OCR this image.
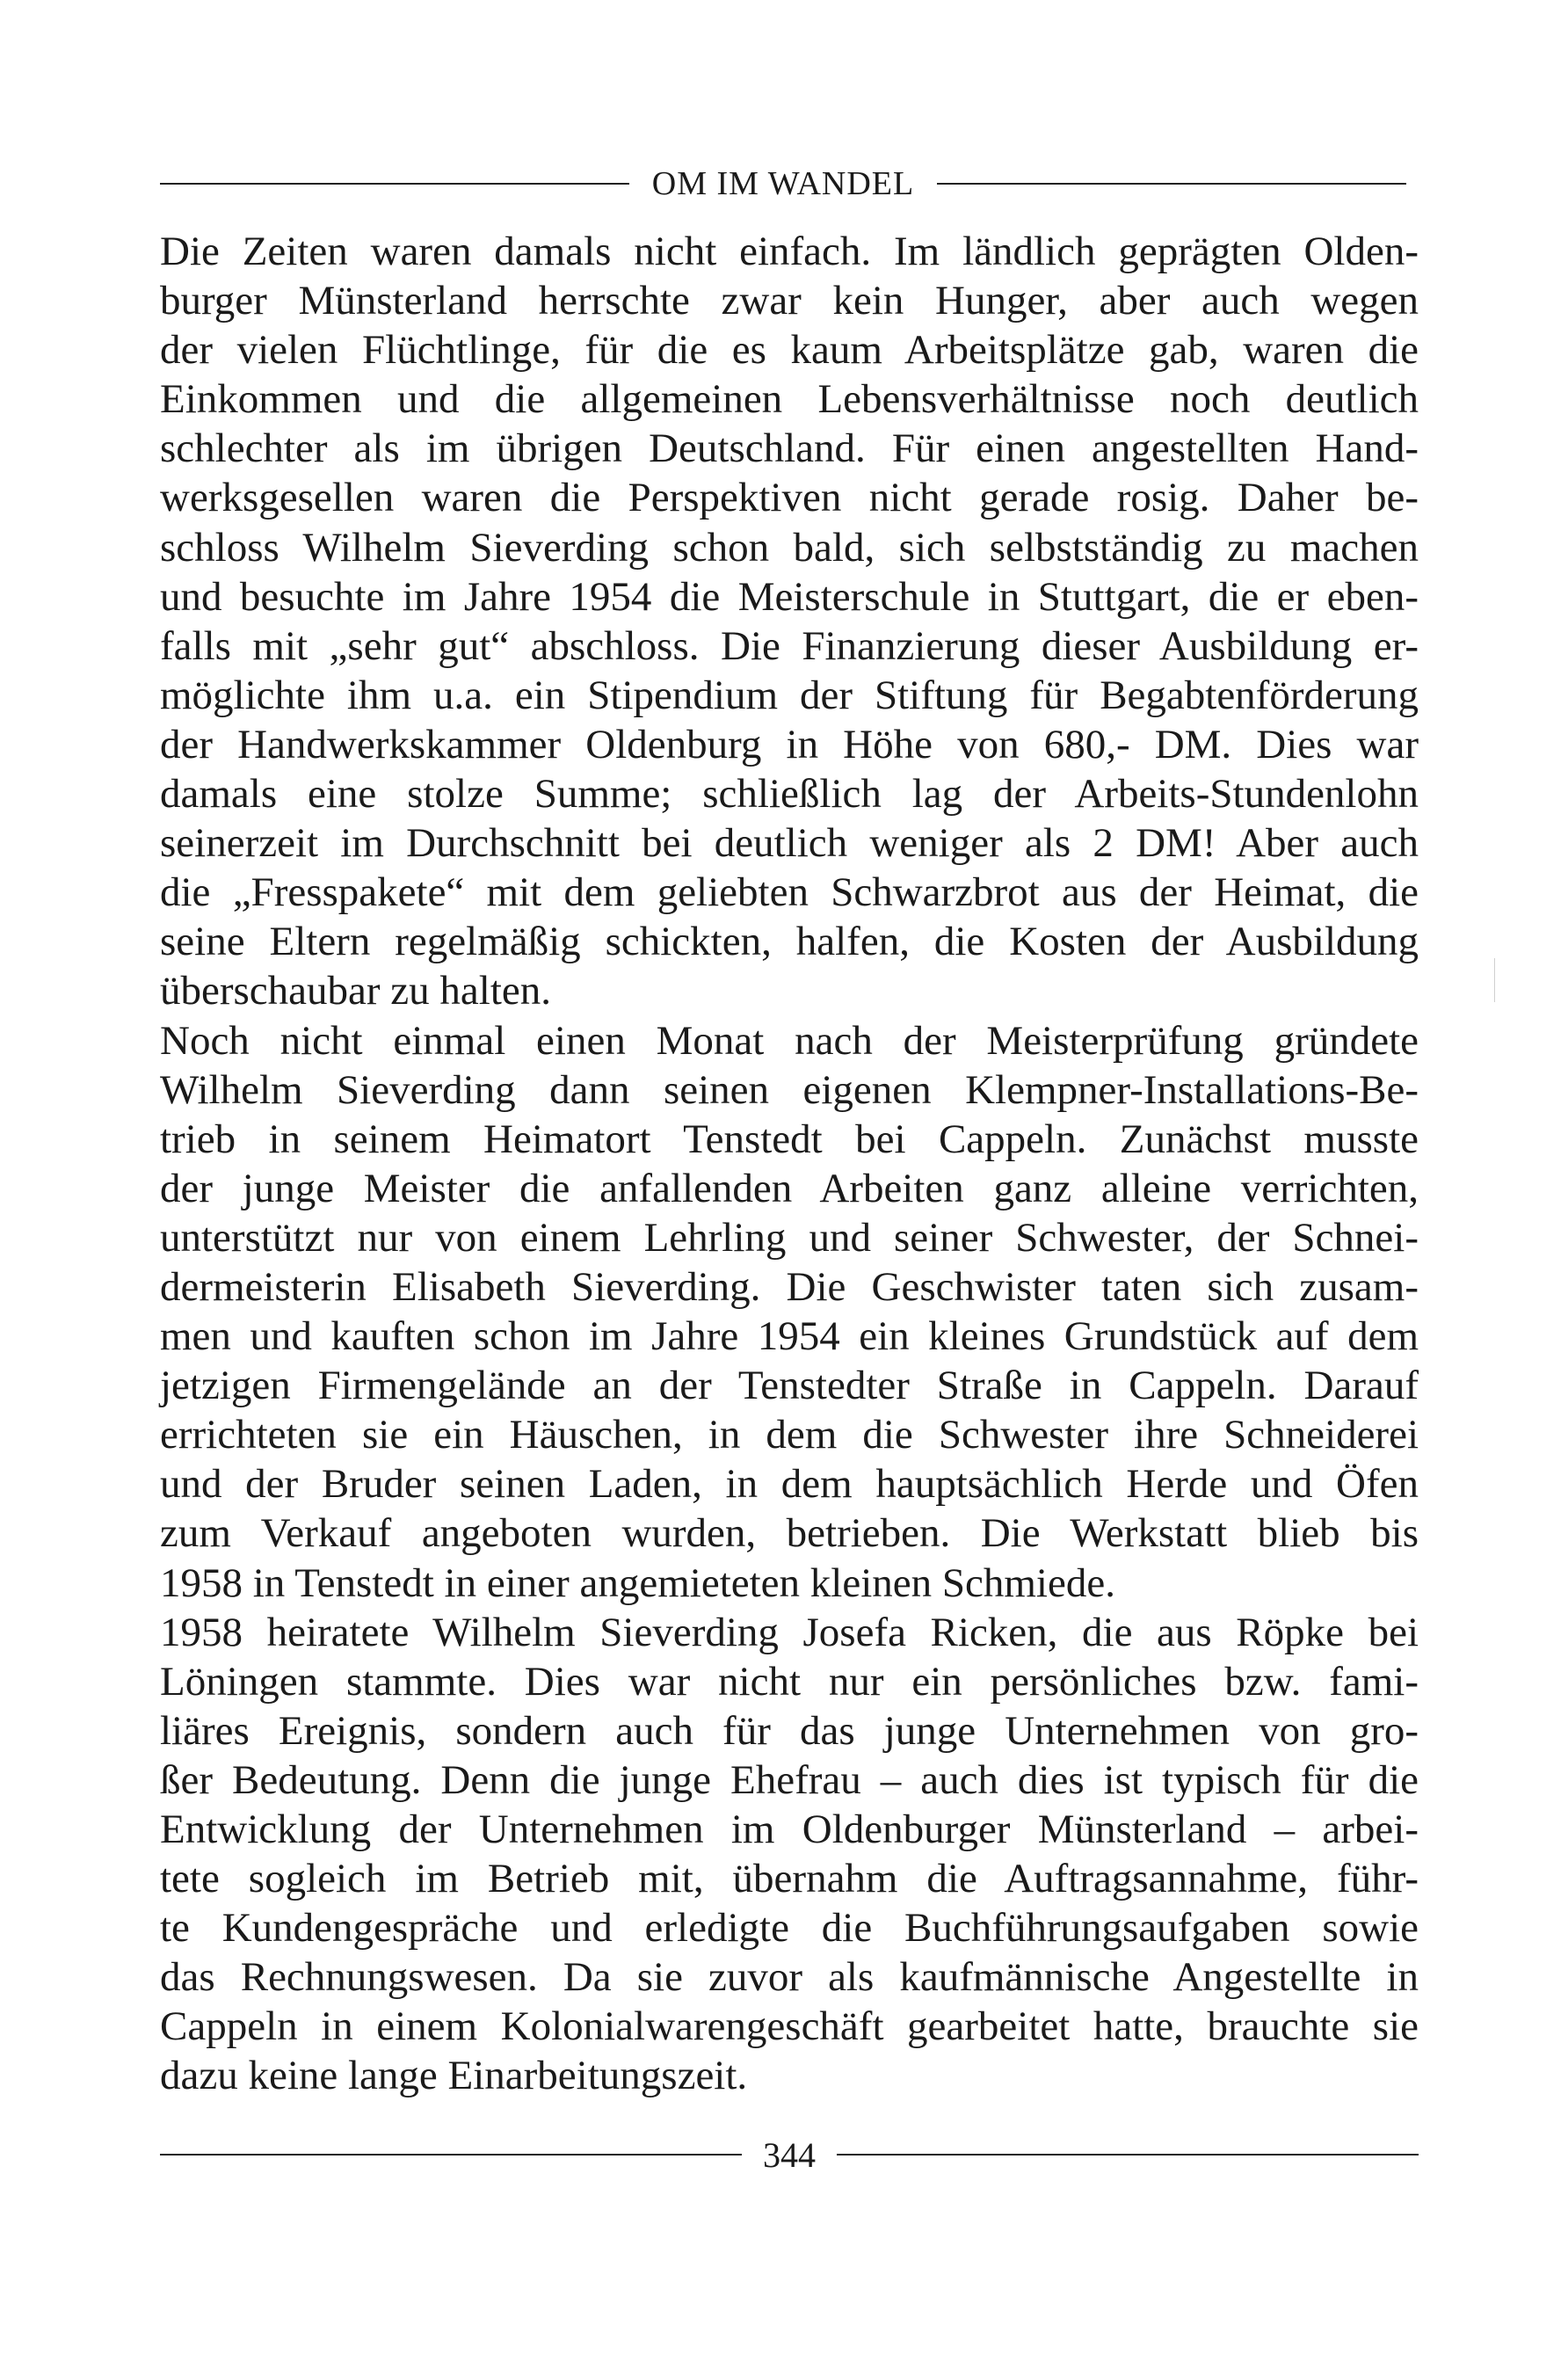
OM IM WANDEL
Die Zeiten waren damals nicht einfach. Im ländlich geprägten Olden-
burger Münsterland herrschte zwar kein Hunger, aber auch wegen
der vielen Flüchtlinge, für die es kaum Arbeitsplätze gab, waren die
Einkommen und die allgemeinen Lebensverhältnisse noch deutlich
schlechter als im übrigen Deutschland. Für einen angestellten Hand-
werksgesellen waren die Perspektiven nicht gerade rosig. Daher be-
schloss Wilhelm Sieverding schon bald, sich selbstständig zu machen
und besuchte im Jahre 1954 die Meisterschule in Stuttgart, die er eben-
falls mit „sehr gut“ abschloss. Die Finanzierung dieser Ausbildung er-
möglichte ihm u.a. ein Stipendium der Stiftung für Begabtenförderung
der Handwerkskammer Oldenburg in Höhe von 680,- DM. Dies war
damals eine stolze Summe; schließlich lag der Arbeits-Stundenlohn
seinerzeit im Durchschnitt bei deutlich weniger als 2 DM! Aber auch
die „Fresspakete“ mit dem geliebten Schwarzbrot aus der Heimat, die
seine Eltern regelmäßig schickten, halfen, die Kosten der Ausbildung
überschaubar zu halten.
Noch nicht einmal einen Monat nach der Meisterprüfung gründete
Wilhelm Sieverding dann seinen eigenen Klempner-Installations-Be-
trieb in seinem Heimatort Tenstedt bei Cappeln. Zunächst musste
der junge Meister die anfallenden Arbeiten ganz alleine verrichten,
unterstützt nur von einem Lehrling und seiner Schwester, der Schnei-
dermeisterin Elisabeth Sieverding. Die Geschwister taten sich zusam-
men und kauften schon im Jahre 1954 ein kleines Grundstück auf dem
jetzigen Firmengelände an der Tenstedter Straße in Cappeln. Darauf
errichteten sie ein Häuschen, in dem die Schwester ihre Schneiderei
und der Bruder seinen Laden, in dem hauptsächlich Herde und Öfen
zum Verkauf angeboten wurden, betrieben. Die Werkstatt blieb bis
1958 in Tenstedt in einer angemieteten kleinen Schmiede.
1958 heiratete Wilhelm Sieverding Josefa Ricken, die aus Röpke bei
Löningen stammte. Dies war nicht nur ein persönliches bzw. fami-
liäres Ereignis, sondern auch für das junge Unternehmen von gro-
ßer Bedeutung. Denn die junge Ehefrau – auch dies ist typisch für die
Entwicklung der Unternehmen im Oldenburger Münsterland – arbei-
tete sogleich im Betrieb mit, übernahm die Auftragsannahme, führ-
te Kundengespräche und erledigte die Buchführungsaufgaben sowie
das Rechnungswesen. Da sie zuvor als kaufmännische Angestellte in
Cappeln in einem Kolonialwarengeschäft gearbeitet hatte, brauchte sie
dazu keine lange Einarbeitungszeit.
344
